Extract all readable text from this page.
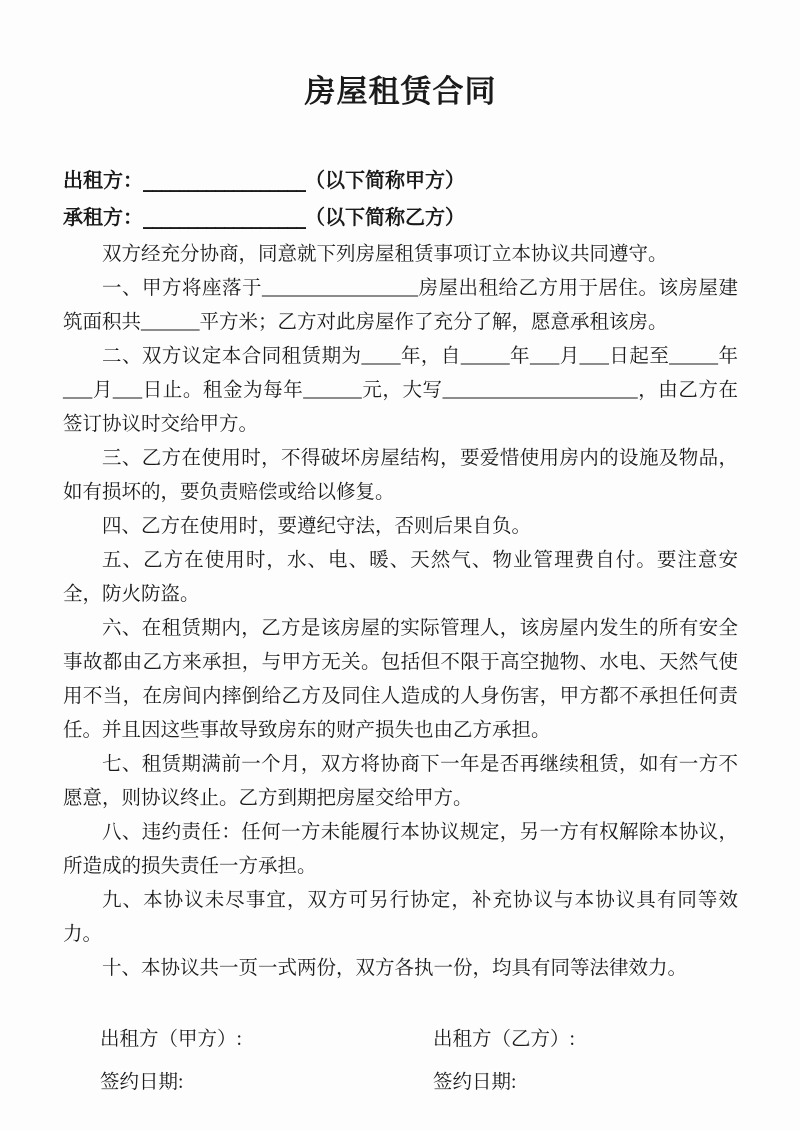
房屋租赁合同
出租方：__________________（以下简称甲方）
承租方：__________________（以下简称乙方）

双方经充分协商，同意就下列房屋租赁事项订立本协议共同遵守。

一、甲方将座落于________________房屋出租给乙方用于居住。该房屋建筑面积共______平方米；乙方对此房屋作了充分了解，愿意承租该房。

二、双方议定本合同租赁期为____年，自_____年___月___日起至_____年___月___日止。租金为每年______元，大写____________________，由乙方在签订协议时交给甲方。

三、乙方在使用时，不得破坏房屋结构，要爱惜使用房内的设施及物品，如有损坏的，要负责赔偿或给以修复。

四、乙方在使用时，要遵纪守法，否则后果自负。

五、乙方在使用时，水、电、暖、天然气、物业管理费自付。要注意安全，防火防盗。

六、在租赁期内，乙方是该房屋的实际管理人，该房屋内发生的所有安全事故都由乙方来承担，与甲方无关。包括但不限于高空抛物、水电、天然气使用不当，在房间内摔倒给乙方及同住人造成的人身伤害，甲方都不承担任何责任。并且因这些事故导致房东的财产损失也由乙方承担。

七、租赁期满前一个月，双方将协商下一年是否再继续租赁，如有一方不愿意，则协议终止。乙方到期把房屋交给甲方。

八、违约责任：任何一方未能履行本协议规定，另一方有权解除本协议，所造成的损失责任一方承担。

九、本协议未尽事宜，双方可另行协定，补充协议与本协议具有同等效力。

十、本协议共一页一式两份，双方各执一份，均具有同等法律效力。

出租方（甲方）:	出租方（乙方）:
签约日期:	签约日期:
